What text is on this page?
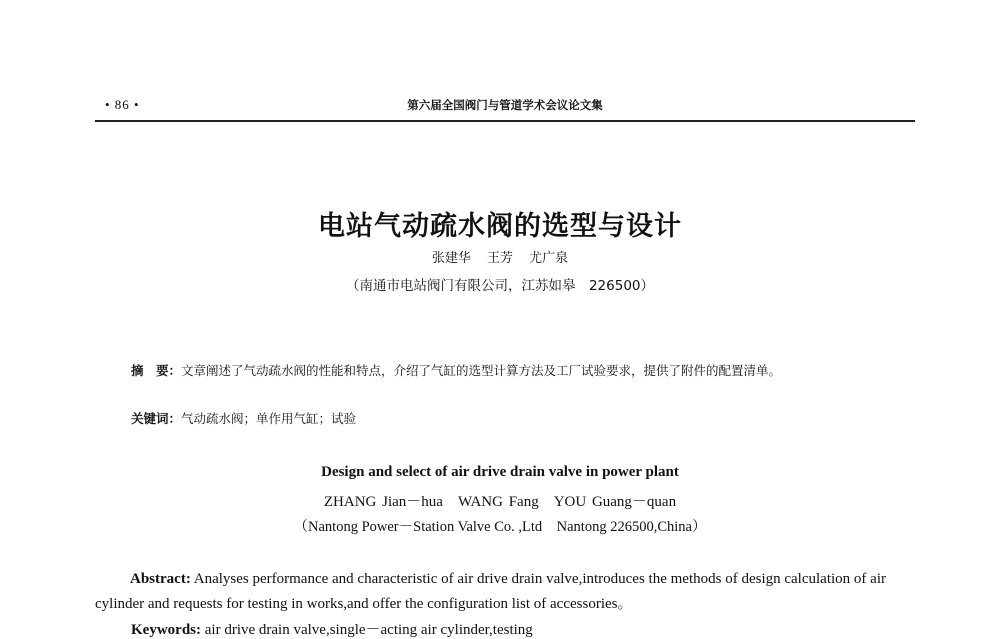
• 86 •	第六届全国阀门与管道学术会议论文集
电站气动疏水阀的选型与设计
张建华 王芳 尤广泉
（南通市电站阀门有限公司，江苏如皋　226500）
摘　要：文章阐述了气动疏水阀的性能和特点，介绍了气缸的选型计算方法及工厂试验要求，提供了附件的配置清单。
关键词：气动疏水阀；单作用气缸；试验
Design and select of air drive drain valve in power plant
ZHANG Jian－hua　WANG Fang　YOU Guang－quan
（Nantong Power－Station Valve Co. ,Ltd　Nantong 226500,China）
Abstract: Analyses performance and characteristic of air drive drain valve,introduces the methods of design calculation of air cylinder and requests for testing in works,and offer the configuration list of accessories。
Keywords: air drive drain valve,single－acting air cylinder,testing
